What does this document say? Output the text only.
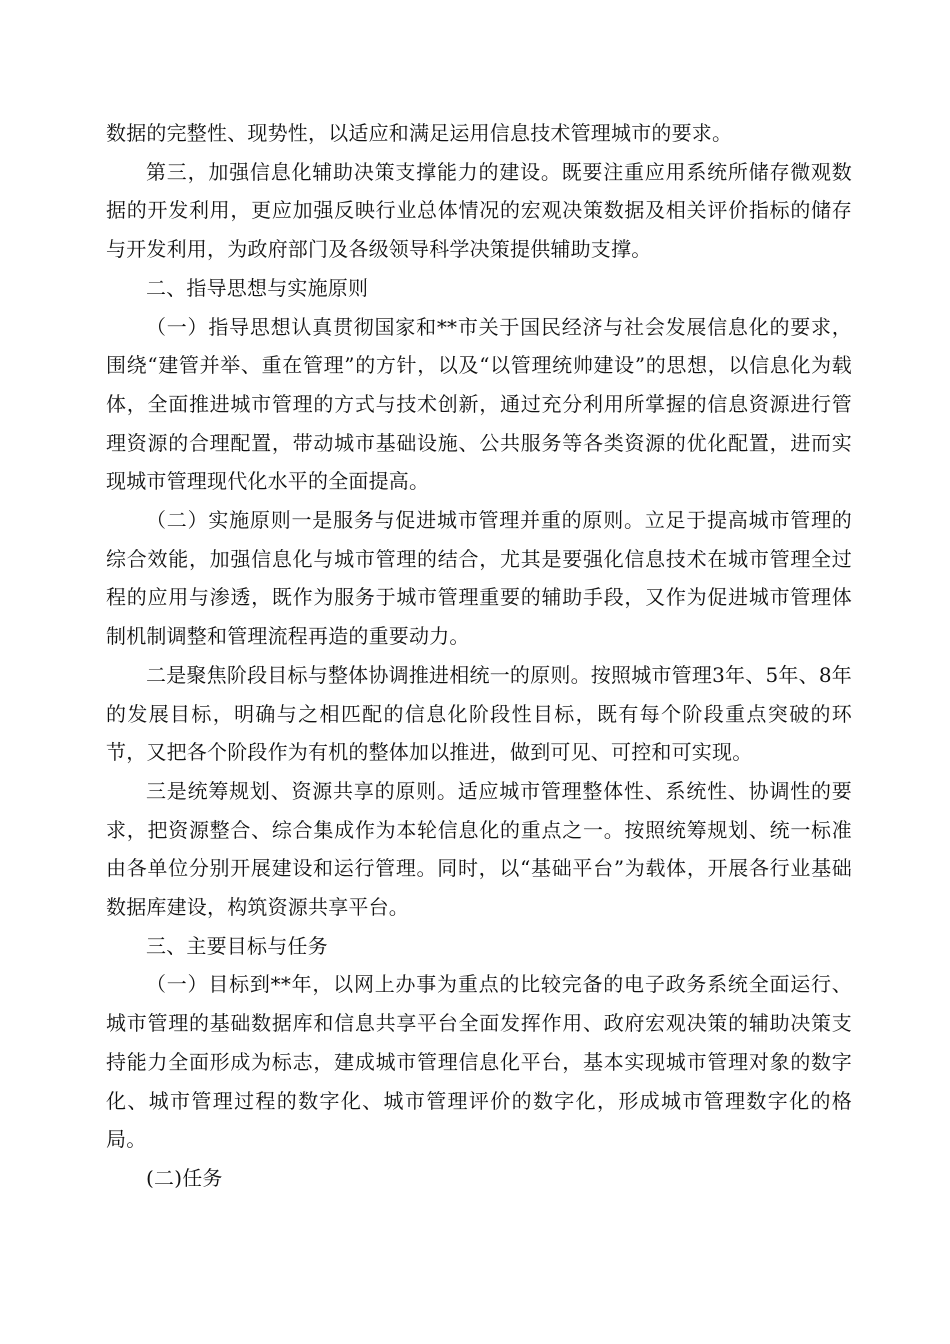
数据的完整性、现势性，以适应和满足运用信息技术管理城市的要求。

第三，加强信息化辅助决策支撑能力的建设。既要注重应用系统所储存微观数据的开发利用，更应加强反映行业总体情况的宏观决策数据及相关评价指标的储存与开发利用，为政府部门及各级领导科学决策提供辅助支撑。

二、指导思想与实施原则

（一）指导思想认真贯彻国家和**市关于国民经济与社会发展信息化的要求，围绕“建管并举、重在管理”的方针，以及“以管理统帅建设”的思想，以信息化为载体，全面推进城市管理的方式与技术创新，通过充分利用所掌握的信息资源进行管理资源的合理配置，带动城市基础设施、公共服务等各类资源的优化配置，进而实现城市管理现代化水平的全面提高。

（二）实施原则一是服务与促进城市管理并重的原则。立足于提高城市管理的综合效能，加强信息化与城市管理的结合，尤其是要强化信息技术在城市管理全过程的应用与渗透，既作为服务于城市管理重要的辅助手段，又作为促进城市管理体制机制调整和管理流程再造的重要动力。

二是聚焦阶段目标与整体协调推进相统一的原则。按照城市管理3年、5年、8年的发展目标，明确与之相匹配的信息化阶段性目标，既有每个阶段重点突破的环节，又把各个阶段作为有机的整体加以推进，做到可见、可控和可实现。

三是统筹规划、资源共享的原则。适应城市管理整体性、系统性、协调性的要求，把资源整合、综合集成作为本轮信息化的重点之一。按照统筹规划、统一标准由各单位分别开展建设和运行管理。同时，以“基础平台”为载体，开展各行业基础数据库建设，构筑资源共享平台。

三、主要目标与任务

（一）目标到**年，以网上办事为重点的比较完备的电子政务系统全面运行、城市管理的基础数据库和信息共享平台全面发挥作用、政府宏观决策的辅助决策支持能力全面形成为标志，建成城市管理信息化平台，基本实现城市管理对象的数字化、城市管理过程的数字化、城市管理评价的数字化，形成城市管理数字化的格局。

(二)任务
